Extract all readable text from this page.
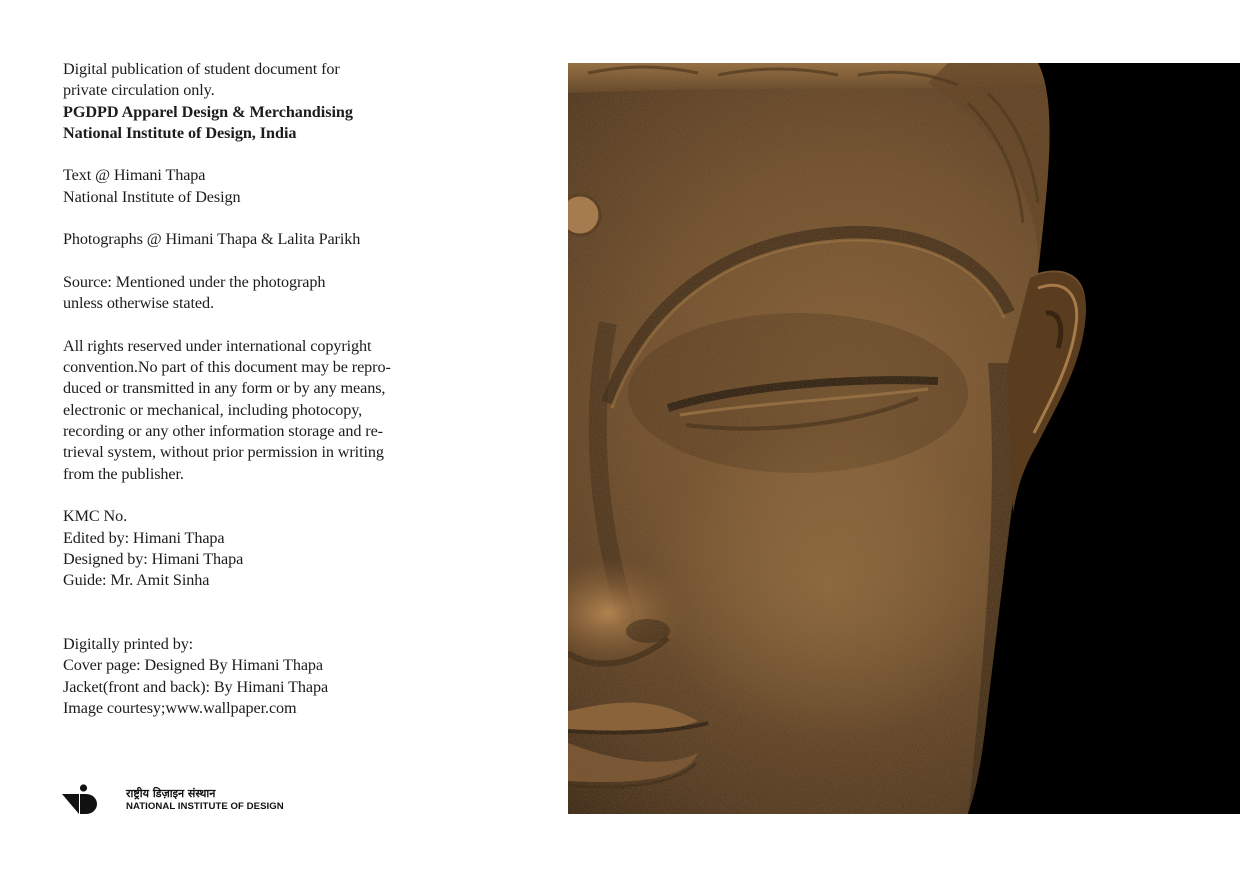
Digital publication of student document for
private circulation only.
PGDPD Apparel Design & Merchandising
National Institute of Design, India
Text @ Himani Thapa
National Institute of Design
Photographs @ Himani Thapa & Lalita Parikh
Source: Mentioned under the photograph
unless otherwise stated.
All rights reserved under international copyright
convention.No part of this document may be repro-
duced or transmitted in any form or by any means,
electronic or mechanical, including photocopy,
recording or any other information storage and re-
trieval system, without prior permission in writing
from the publisher.
KMC No.
Edited by: Himani Thapa
Designed by: Himani Thapa
Guide: Mr. Amit Sinha
Digitally printed by:
Cover page: Designed By Himani Thapa
Jacket(front and back): By Himani Thapa
Image courtesy;www.wallpaper.com
राष्ट्रीय डिज़ाइन संस्थान
NATIONAL INSTITUTE OF DESIGN
